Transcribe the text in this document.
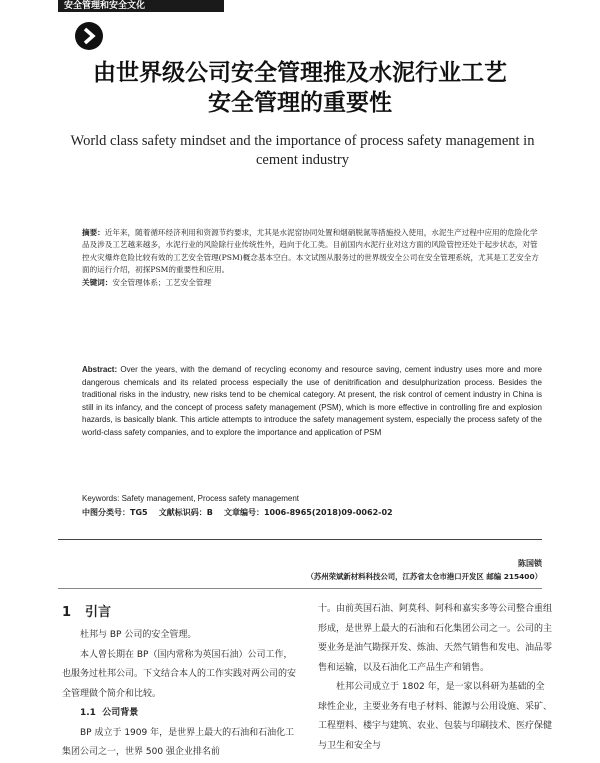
安全管理和安全文化
由世界级公司安全管理推及水泥行业工艺
安全管理的重要性
World class safety mindset and the importance of process safety management in cement industry
摘要：近年来，随着循环经济利用和资源节约要求，尤其是水泥窑协同处置和烟硝脱氮等措施投入使用，水泥生产过程中应用的危险化学品及涉及工艺越来越多，水泥行业的风险除行业传统性外，趋向于化工类。目前国内水泥行业对这方面的风险管控还处于起步状态，对管控火灾爆炸危险比较有效的工艺安全管理(PSM)概念基本空白。本文试图从服务过的世界级安全公司在安全管理系统，尤其是工艺安全方面的运行介绍，初探PSM的重要性和应用。
关键词：安全管理体系；工艺安全管理
Abstract: Over the years, with the demand of recycling economy and resource saving, cement industry uses more and more dangerous chemicals and its related process especially the use of denitrification and desulphurization process. Besides the traditional risks in the industry, new risks tend to be chemical category. At present, the risk control of cement industry in China is still in its infancy, and the concept of process safety management (PSM), which is more effective in controlling fire and explosion hazards, is basically blank. This article attempts to introduce the safety management system, especially the process safety of the world-class safety companies, and to explore the importance and application of PSM
Keywords: Safety management, Process safety management
中图分类号：TG5 文献标识码：B 文章编号：1006-8965(2018)09-0062-02
陈国锁
（苏州荣斌新材料科技公司，江苏省太仓市港口开发区 邮编 215400）
1 引言

杜邦与 BP 公司的安全管理。

本人曾长期在 BP（国内常称为英国石油）公司工作，也服务过杜邦公司。下文结合本人的工作实践对两公司的安全管理做个简介和比较。

1.1 公司背景

BP 成立于 1909 年，是世界上最大的石油和石油化工集团公司之一，世界 500 强企业排名前

十。由前英国石油、阿莫科、阿科和嘉实多等公司整合重组形成，是世界上最大的石油和石化集团公司之一。公司的主要业务是油气勘探开发、炼油、天然气销售和发电、油品零售和运输，以及石油化工产品生产和销售。

杜邦公司成立于 1802 年，是一家以科研为基础的全球性企业，主要业务有电子材料、能源与公用设施、采矿、工程塑料、楼宇与建筑、农业、包装与印刷技术、医疗保健与卫生和安全与
